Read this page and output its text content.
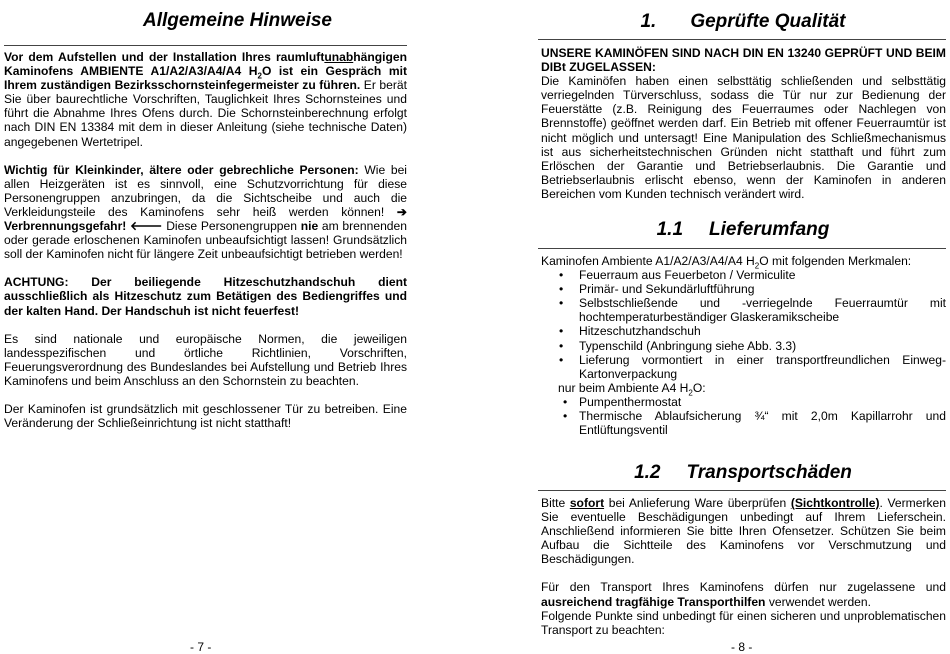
Allgemeine Hinweise

Vor dem Aufstellen und der Installation Ihres raumluftunabhängigen Kaminofens AMBIENTE A1/A2/A3/A4/A4 $H_2O$ ist ein Gespräch mit Ihrem zuständigen Bezirksschornsteinfegermeister zu führen. Er berät Sie über baurechtliche Vorschriften, Tauglichkeit Ihres Schornsteines und führt die Abnahme Ihres Ofens durch. Die Schornsteinberechnung erfolgt nach DIN EN 13384 mit dem in dieser Anleitung (siehe technische Daten) angegebenen Wertetripel.

Wichtig für Kleinkinder, ältere oder gebrechliche Personen: Wie bei allen Heizgeräten ist es sinnvoll, eine Schutzvorrichtung für diese Personengruppen anzubringen, da die Sichtscheibe und auch die Verkleidungsteile des Kaminofens sehr heiß werden können! ➔ Verbrennungsgefahr! 🡐 Diese Personengruppen nie am brennenden oder gerade erloschenen Kaminofen unbeaufsichtigt lassen! Grundsätzlich soll der Kaminofen nicht für längere Zeit unbeaufsichtigt betrieben werden!

ACHTUNG: Der beiliegende Hitzeschutzhandschuh dient ausschließlich als Hitzeschutz zum Betätigen des Bediengriffes und der kalten Hand. Der Handschuh ist nicht feuerfest!

Es sind nationale und europäische Normen, die jeweiligen landesspezifischen und örtliche Richtlinien, Vorschriften, Feuerungsverordnung des Bundeslandes bei Aufstellung und Betrieb Ihres Kaminofens und beim Anschluss an den Schornstein zu beachten.

Der Kaminofen ist grundsätzlich mit geschlossener Tür zu betreiben. Eine Veränderung der Schließeinrichtung ist nicht statthaft!

- 7 -
1. Geprüfte Qualität

UNSERE KAMINÖFEN SIND NACH DIN EN 13240 GEPRÜFT UND BEIM DIBt ZUGELASSEN:

Die Kaminöfen haben einen selbsttätig schließenden und selbsttätig verriegelnden Türverschluss, sodass die Tür nur zur Bedienung der Feuerstätte (z.B. Reinigung des Feuerraumes oder Nachlegen von Brennstoffe) geöffnet werden darf. Ein Betrieb mit offener Feuerraumtür ist nicht möglich und untersagt! Eine Manipulation des Schließmechanismus ist aus sicherheitstechnischen Gründen nicht statthaft und führt zum Erlöschen der Garantie und Betriebserlaubnis. Die Garantie und Betriebserlaubnis erlischt ebenso, wenn der Kaminofen in anderen Bereichen vom Kunden technisch verändert wird.

1.1 Lieferumfang

Kaminofen Ambiente A1/A2/A3/A4/A4 $H_2O$ mit folgenden Merkmalen:

• Feuerraum aus Feuerbeton / Vermiculite
• Primär- und Sekundärluftführung
• Selbstschließende und -verriegelnde Feuerraumtür mit hochtemperaturbeständiger Glaskeramikscheibe
• Hitzeschutzhandschuh
• Typenschild (Anbringung siehe Abb. 3.3)
• Lieferung vormontiert in einer transportfreundlichen Einweg-Kartonverpackung

nur beim Ambiente A4 $H_2O$:

• Pumpenthermostat
• Thermische Ablaufsicherung ¾“ mit 2,0m Kapillarrohr und Entlüftungsventil
1.2 Transportschäden

Bitte sofort bei Anlieferung Ware überprüfen (Sichtkontrolle). Vermerken Sie eventuelle Beschädigungen unbedingt auf Ihrem Lieferschein. Anschließend informieren Sie bitte Ihren Ofensetzer. Schützen Sie beim Aufbau die Sichtteile des Kaminofens vor Verschmutzung und Beschädigungen.

Für den Transport Ihres Kaminofens dürfen nur zugelassene und ausreichend tragfähige Transporthilfen verwendet werden.

Folgende Punkte sind unbedingt für einen sicheren und unproblematischen Transport zu beachten:

- 8 -
